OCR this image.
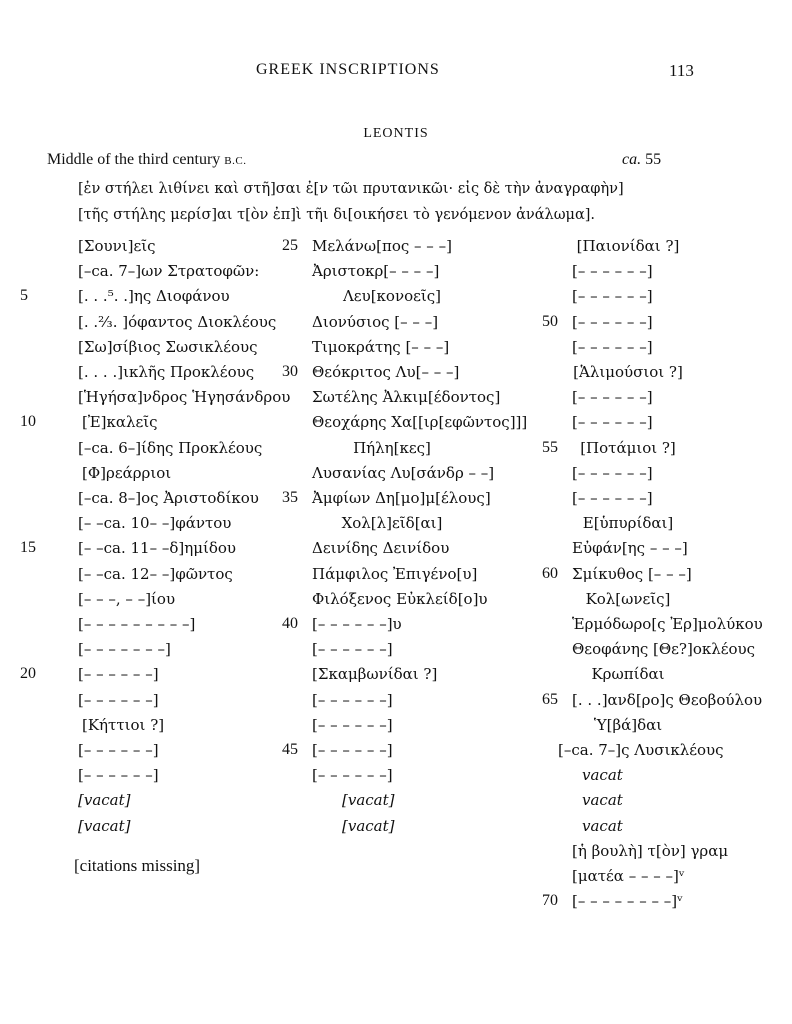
GREEK INSCRIPTIONS	113
LEONTIS
Middle of the third century B.C.	ca. 55
[ἐν στήλει λιθίνει καὶ στῆ]σαι ἐ[ν τῶι πρυτανικῶι· εἰς δὲ τὴν ἀναγραφὴν]
[τῆς στήλης μερίσ]αι τ[ὸν ἐπ]ὶ τῆι δι[οικήσει τὸ γενόμενον ἀνάλωμα].
[Σουνι]εῖς
[–ca. 7–]ων Στρατοφῶν:
5	[. . .⁵. .]ης Διοφάνου
[. .²⁄₃. ]όφαντος Διοκλέους
[Σω]σίβιος Σωσικλέους
[. . . .]ικλῆς Προκλέους
[Ἡγήσα]νδρος Ἡγησάνδρου
10	[Ἐ]καλεῖς
[–ca. 6–]ίδης Προκλέους
[Φ]ρεάρριοι
[–ca. 8–]ος Ἀριστοδίκου
[– –ca. 10– –]φάντου
15	[– –ca. 11– –δ]ημίδου
[– –ca. 12– –]φῶντος
[– – –, – –]ίου
[– – – – – – – – –]
[– – – – – – –]
20	[– – – – – –]
[– – – – – –]
[Κήττιοι ?]
[– – – – – –]
[– – – – – –]
[vacat]
[vacat]
25 Μελάνω[πος – – –]
Ἀριστοκρ[– – – –]
Λευ[κονοεῖς]
Διονύσιος [– – –]
Τιμοκράτης [– – –]
30 Θεόκριτος Λυ[– – –]
Σωτέλης Ἀλκιμ[έδοντος]
Θεοχάρης Χα[[ιρ[εφῶντος]]]
Πήλη[κες]
Λυσανίας Λυ[σάνδρ – –]
35 Ἀμφίων Δη[μο]μ[έλους]
Χολ[λ]εῖδ[αι]
Δεινίδης Δεινίδου
Πάμφιλος Ἐπιγένο[υ]
Φιλόξενος Εὐκλείδ[ο]υ
40 [– – – – – –]υ
[– – – – – –]
[Σκαμβωνίδαι ?]
[– – – – – –]
[– – – – – –]
45 [– – – – – –]
[– – – – – –]
[vacat]
[vacat]
[Παιονίδαι ?]
[– – – – – –]
[– – – – – –]
50 [– – – – – –]
[– – – – – –]
[Ἁλιμούσιοι ?]
[– – – – – –]
[– – – – – –]
55	[Ποτάμιοι ?]
[– – – – – –]
[– – – – – –]
Ε[ὑπυρίδαι]
Εὐφάν[ης – – –]
60 Σμίκυθος [– – –]
Κολ[ωνεῖς]
Ἑρμόδωρο[ς Ἐρ]μολύκου
Θεοφάνης [Θε?]οκλέους
Κρωπίδαι
65 [. . .]ανδ[ρο]ς Θεοβούλου
Ὑ[βά]δαι
[–ca. 7–]ς Λυσικλέους
vacat
vacat
vacat
[ἡ βουλὴ] τ[ὸν] γραμ
[ματέα – – – –]ᵛ
70 [– – – – – – – –]ᵛ
[citations missing]
